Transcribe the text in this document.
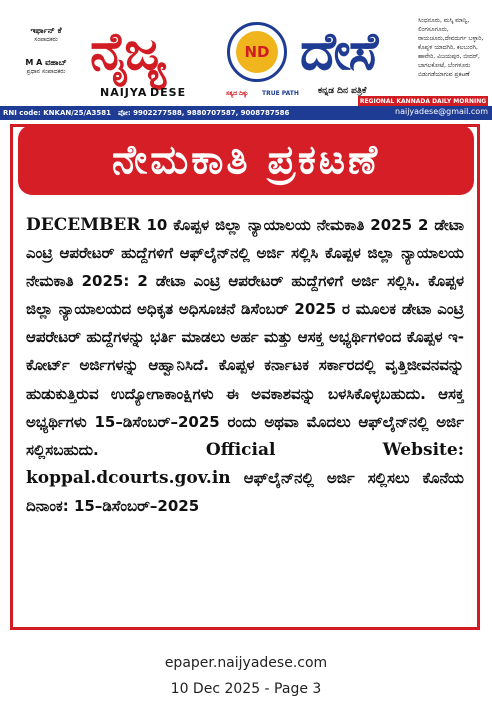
ಇರ್ಫಾನ್ ಕೆ
ಸಂಪಾದಕರು
M A ವಹಾಬ್
ಪ್ರಧಾನ ಸಂಪಾದಕರು ನೈಜ್ಯ	ND ದೇಸೆ
NAIJYA DESE	ಸತ್ಯದ ದಿಕ್ಕು TRUE PATH ಕನ್ನಡ ದಿನ ಪತ್ರಿಕೆ
ಸಿಂಧನೂರು, ಮಸ್ಕಿ ಮಾನ್ವಿ, ಲಿಂಗಸೂಗೂರು, ರಾಯಚೂರು,ದೇವದುರ್ಗ ಬಳ್ಳಾರಿ, ಕೊಪ್ಪಳ ಯಾದಗಿರಿ, ಕಲಬುರಗಿ, ಹಾವೇರಿ, ವಿಜಯಪುರ, ಬೀದರ್, ಬಾಗಲಕೋಟೆ, ಬೆಂಗಳೂರು ಬಿಡುಗಡೆಯಾಗುವ ಪ್ರಕಟಣೆ
REGIONAL KANNADA DAILY MORNING
RNI code: KNKAN/25/A3581	ಪೋ: 9902277588, 9880707587, 9008787586	naijyadese@gmail.com
ನೇಮಕಾತಿ ಪ್ರಕಟಣೆ
DECEMBER 10 ಕೊಪ್ಪಳ ಜಿಲ್ಲಾ ನ್ಯಾಯಾಲಯ ನೇಮಕಾತಿ 2025 2 ಡೇಟಾ ಎಂಟ್ರಿ ಆಪರೇಟರ್ ಹುದ್ದೆಗಳಿಗೆ ಆಫ್‌ಲೈನ್‌ನಲ್ಲಿ ಅರ್ಜಿ ಸಲ್ಲಿಸಿ ಕೊಪ್ಪಳ ಜಿಲ್ಲಾ ನ್ಯಾಯಾಲಯ ನೇಮಕಾತಿ 2025: 2 ಡೇಟಾ ಎಂಟ್ರಿ ಆಪರೇಟರ್ ಹುದ್ದೆಗಳಿಗೆ ಅರ್ಜಿ ಸಲ್ಲಿಸಿ. ಕೊಪ್ಪಳ ಜಿಲ್ಲಾ ನ್ಯಾಯಾಲಯದ ಅಧಿಕೃತ ಅಧಿಸೂಚನೆ ಡಿಸೆಂಬರ್ 2025 ರ ಮೂಲಕ ಡೇಟಾ ಎಂಟ್ರಿ ಆಪರೇಟರ್ ಹುದ್ದೆಗಳನ್ನು ಭರ್ತಿ ಮಾಡಲು ಅರ್ಹ ಮತ್ತು ಆಸಕ್ತ ಅಭ್ಯರ್ಥಿಗಳಿಂದ ಕೊಪ್ಪಳ ಇ-ಕೋರ್ಟ್ ಅರ್ಜಿಗಳನ್ನು ಆಹ್ವಾನಿಸಿದೆ. ಕೊಪ್ಪಳ ಕರ್ನಾಟಕ ಸರ್ಕಾರದಲ್ಲಿ ವೃತ್ತಿಜೀವನವನ್ನು ಹುಡುಕುತ್ತಿರುವ ಉದ್ಯೋಗಾಕಾಂಕ್ಷಿಗಳು ಈ ಅವಕಾಶವನ್ನು ಬಳಸಿಕೊಳ್ಳಬಹುದು. ಆಸಕ್ತ ಅಭ್ಯರ್ಥಿಗಳು 15–ಡಿಸೆಂಬರ್–2025 ರಂದು ಅಥವಾ ಮೊದಲು ಆಫ್‌ಲೈನ್‌ನಲ್ಲಿ ಅರ್ಜಿ ಸಲ್ಲಿಸಬಹುದು. Official Website: koppal.dcourts.gov.in ಆಫ್‌ಲೈನ್‌ನಲ್ಲಿ ಅರ್ಜಿ ಸಲ್ಲಿಸಲು ಕೊನೆಯ ದಿನಾಂಕ: 15–ಡಿಸೆಂಬರ್–2025
epaper.naijyadese.com
10 Dec 2025 - Page 3
